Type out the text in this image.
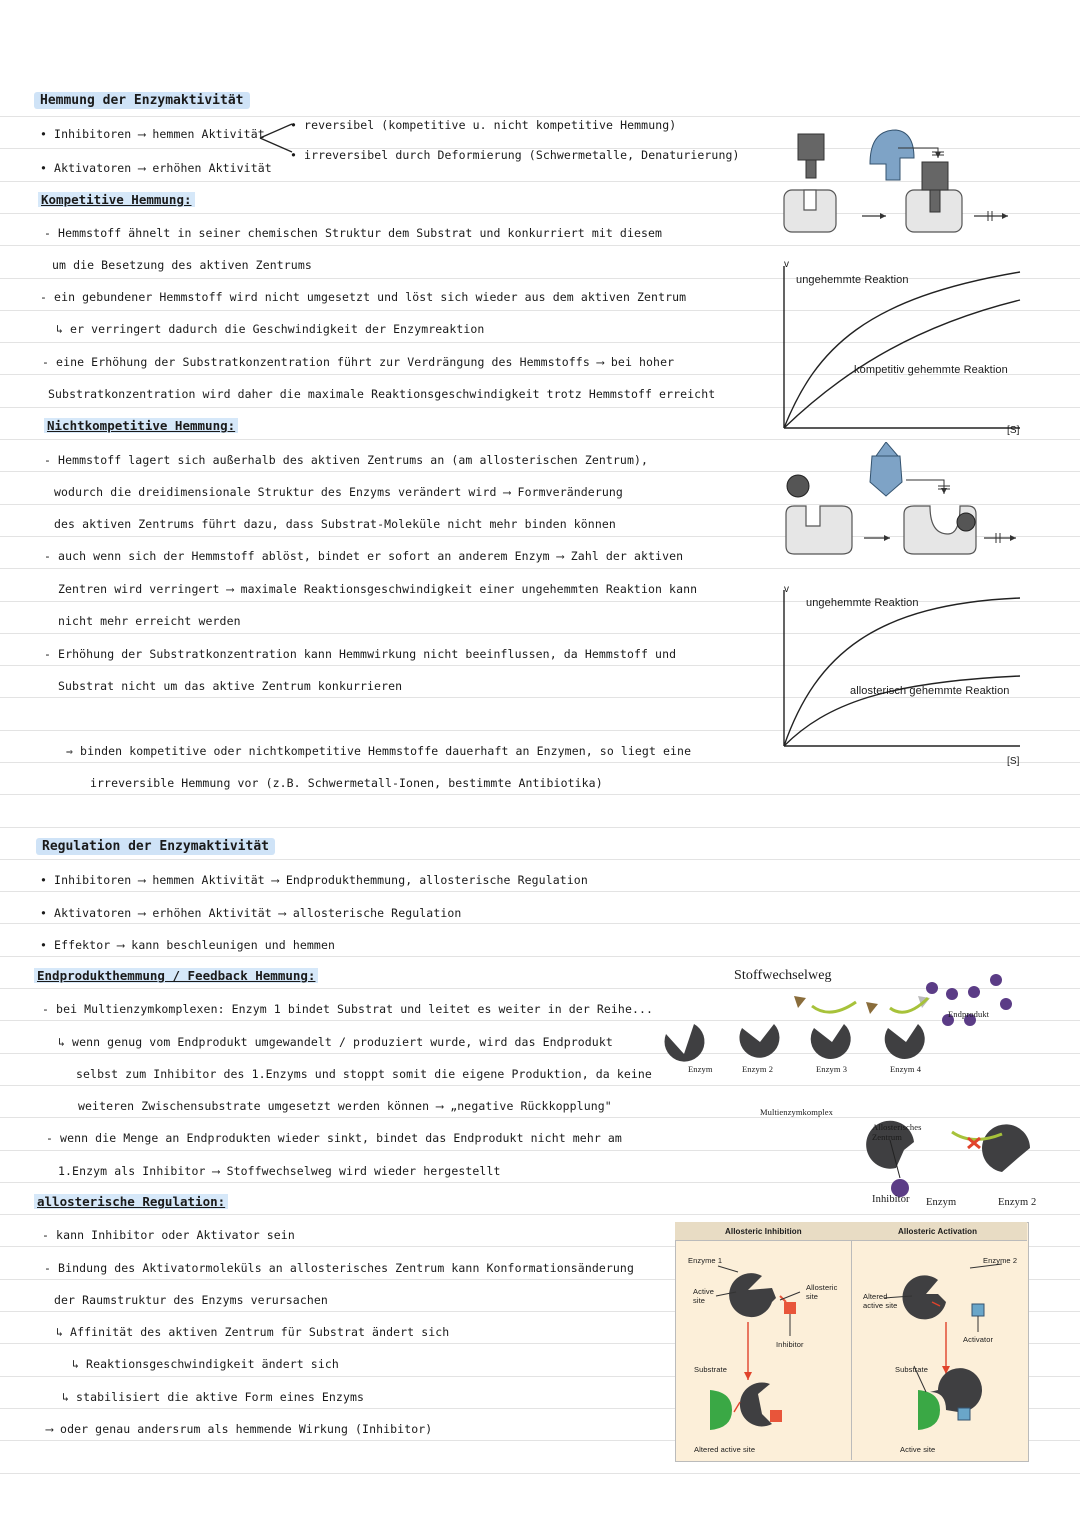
Hemmung der Enzymaktivität
• Inhibitoren ⟶ hemmen Aktivität
• Aktivatoren ⟶ erhöhen Aktivität
• reversibel (kompetitive u. nicht kompetitive Hemmung)
• irreversibel durch Deformierung (Schwermetalle, Denaturierung)
Kompetitive Hemmung:
- Hemmstoff ähnelt in seiner chemischen Struktur dem Substrat und konkurriert mit diesem
um die Besetzung des aktiven Zentrums
- ein gebundener Hemmstoff wird nicht umgesetzt und löst sich wieder aus dem aktiven Zentrum
↳ er verringert dadurch die Geschwindigkeit der Enzymreaktion
- eine Erhöhung der Substratkonzentration führt zur Verdrängung des Hemmstoffs ⟶ bei hoher
Substratkonzentration wird daher die maximale Reaktionsgeschwindigkeit trotz Hemmstoff erreicht
Nichtkompetitive Hemmung:
- Hemmstoff lagert sich außerhalb des aktiven Zentrums an (am allosterischen Zentrum),
wodurch die dreidimensionale Struktur des Enzyms verändert wird ⟶ Formveränderung
des aktiven Zentrums führt dazu, dass Substrat-Moleküle nicht mehr binden können
- auch wenn sich der Hemmstoff ablöst, bindet er sofort an anderem Enzym ⟶ Zahl der aktiven
Zentren wird verringert ⟶ maximale Reaktionsgeschwindigkeit einer ungehemmten Reaktion kann
nicht mehr erreicht werden
- Erhöhung der Substratkonzentration kann Hemmwirkung nicht beeinflussen, da Hemmstoff und
Substrat nicht um das aktive Zentrum konkurrieren
⇒ binden kompetitive oder nichtkompetitive Hemmstoffe dauerhaft an Enzymen, so liegt eine
irreversible Hemmung vor (z.B. Schwermetall-Ionen, bestimmte Antibiotika)
v
ungehemmte Reaktion
kompetitiv gehemmte Reaktion
[S]
v
ungehemmte Reaktion
allosterisch gehemmte Reaktion
[S]
Regulation der Enzymaktivität
• Inhibitoren ⟶ hemmen Aktivität ⟶ Endprodukthemmung, allosterische Regulation
• Aktivatoren ⟶ erhöhen Aktivität ⟶ allosterische Regulation
• Effektor ⟶ kann beschleunigen und hemmen
Endprodukthemmung / Feedback Hemmung:
- bei Multienzymkomplexen: Enzym 1 bindet Substrat und leitet es weiter in der Reihe...
↳ wenn genug vom Endprodukt umgewandelt / produziert wurde, wird das Endprodukt
selbst zum Inhibitor des 1.Enzyms und stoppt somit die eigene Produktion, da keine
weiteren Zwischensubstrate umgesetzt werden können ⟶ „negative Rückkopplung"
- wenn die Menge an Endprodukten wieder sinkt, bindet das Endprodukt nicht mehr am
1.Enzym als Inhibitor ⟶ Stoffwechselweg wird wieder hergestellt
allosterische Regulation:
- kann Inhibitor oder Aktivator sein
- Bindung des Aktivatormoleküls an allosterisches Zentrum kann Konformationsänderung
der Raumstruktur des Enzyms verursachen
↳ Affinität des aktiven Zentrum für Substrat ändert sich
↳ Reaktionsgeschwindigkeit ändert sich
↳ stabilisiert die aktive Form eines Enzyms
⟶ oder genau andersrum als hemmende Wirkung (Inhibitor)
Stoffwechselweg
Enzym	Enzym 2	Enzym 3	Enzym 4
Endprodukt
Multienzymkomplex
Allosterisches Zentrum
Inhibitor Enzym	Enzym 2
Allosteric Inhibition	Allosteric Activation
Enzyme 1
Active site
Allosteric site
Inhibitor
Substrate
Altered active site
Enzyme 2
Altered active site
Activator
Substrate
Active site
